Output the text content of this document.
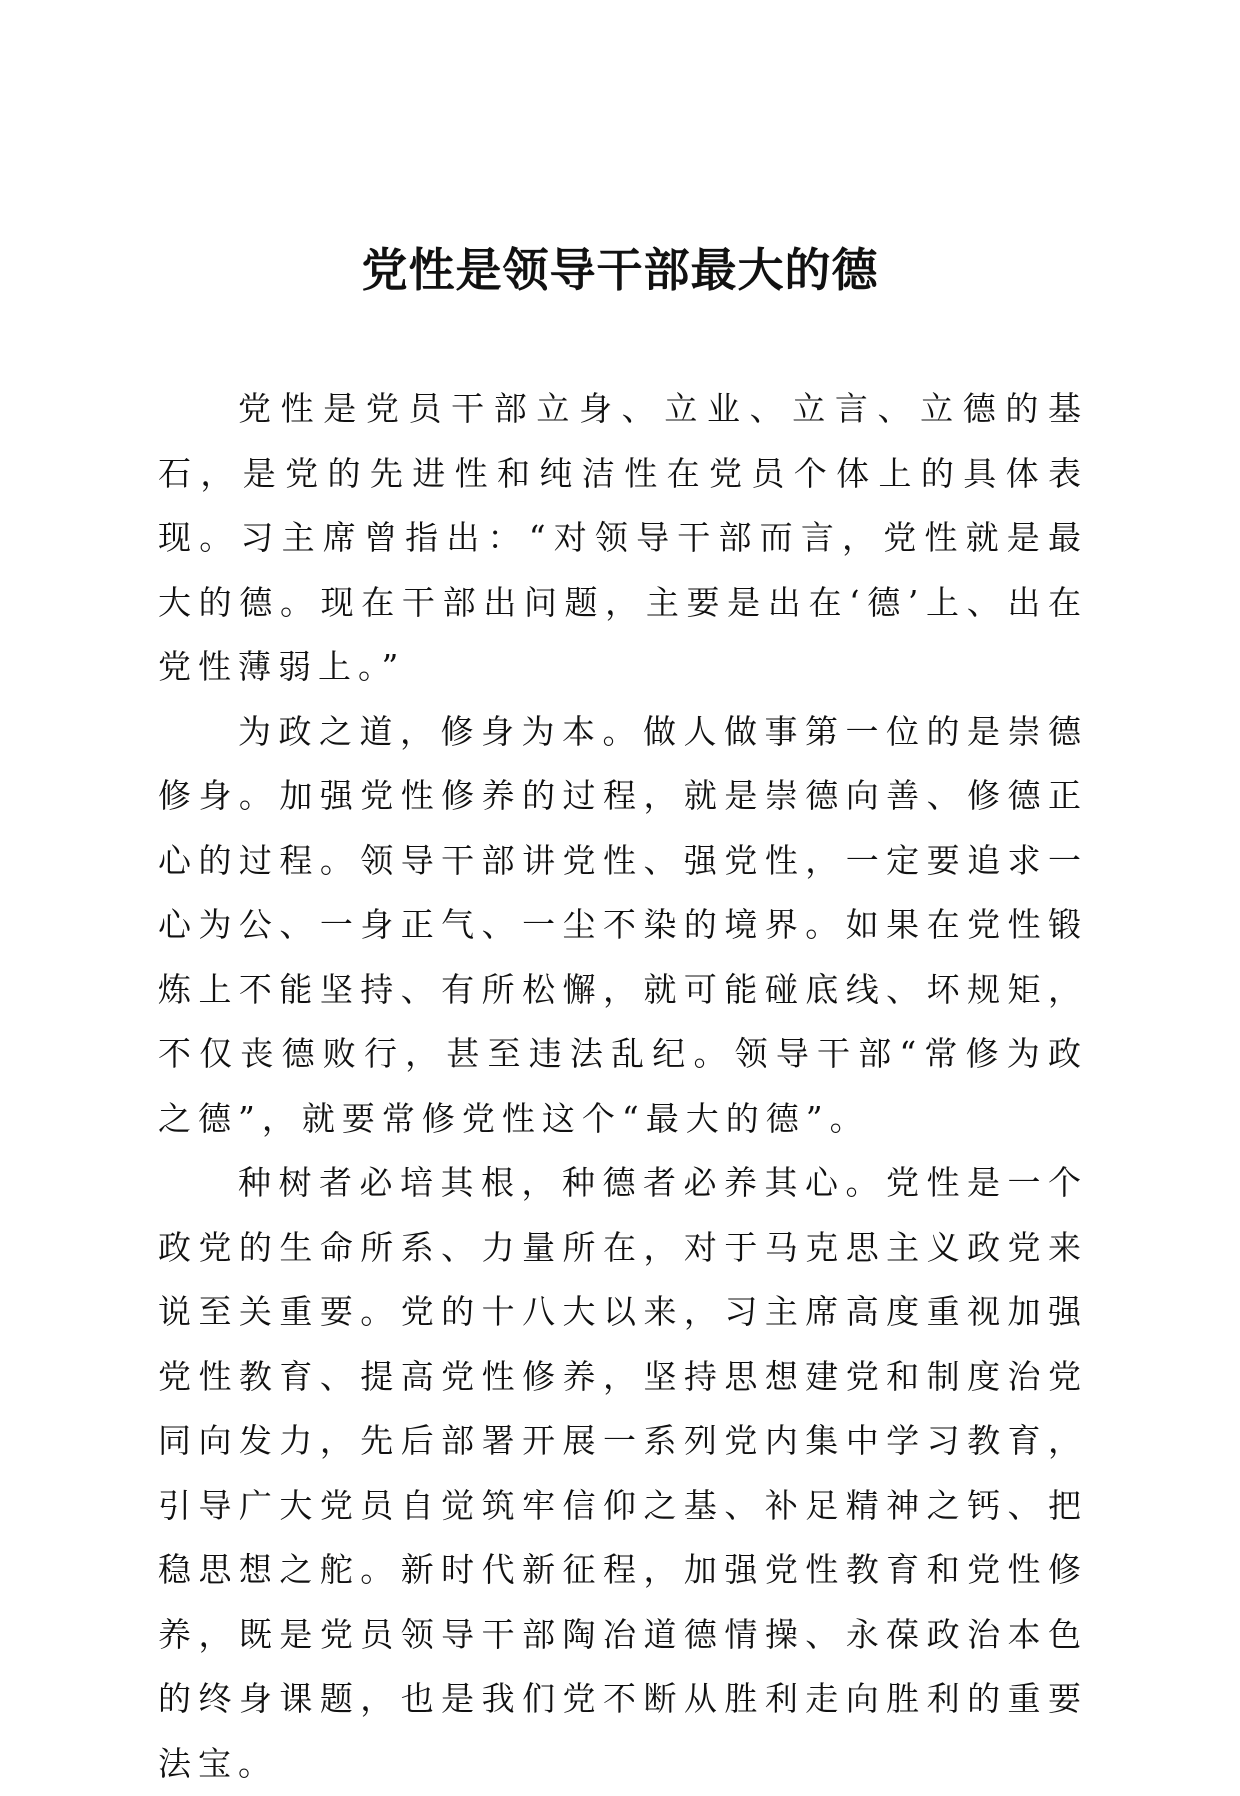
党性是领导干部最大的德

党性是党员干部立身、立业、立言、立德的基石，是党的先进性和纯洁性在党员个体上的具体表现。习主席曾指出：“对领导干部而言，党性就是最大的德。现在干部出问题，主要是出在‘德’上、出在党性薄弱上。”

为政之道，修身为本。做人做事第一位的是崇德修身。加强党性修养的过程，就是崇德向善、修德正心的过程。领导干部讲党性、强党性，一定要追求一心为公、一身正气、一尘不染的境界。如果在党性锻炼上不能坚持、有所松懈，就可能碰底线、坏规矩，不仅丧德败行，甚至违法乱纪。领导干部“常修为政之德”，就要常修党性这个“最大的德”。

种树者必培其根，种德者必养其心。党性是一个政党的生命所系、力量所在，对于马克思主义政党来说至关重要。党的十八大以来，习主席高度重视加强党性教育、提高党性修养，坚持思想建党和制度治党同向发力，先后部署开展一系列党内集中学习教育，引导广大党员自觉筑牢信仰之基、补足精神之钙、把稳思想之舵。新时代新征程，加强党性教育和党性修养，既是党员领导干部陶冶道德情操、永葆政治本色的终身课题，也是我们党不断从胜利走向胜利的重要法宝。
